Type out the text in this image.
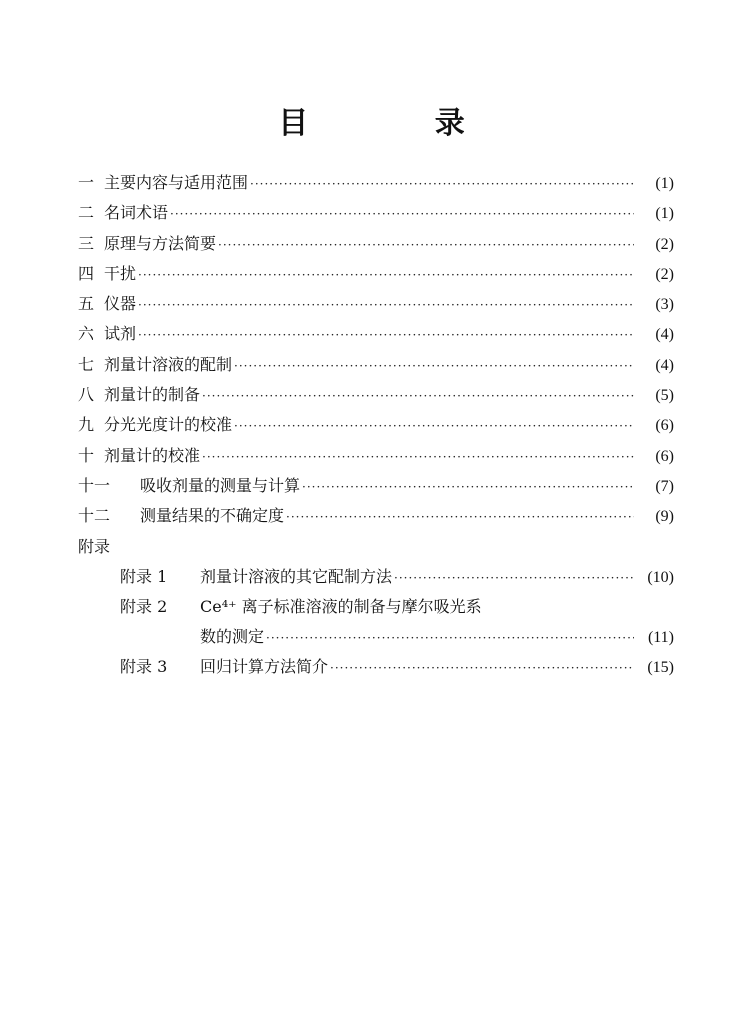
目 录
一 主要内容与适用范围 ·····	(1)
二 名词术语 ·····	(1)
三 原理与方法简要 ·····	(2)
四 干扰 ·····	(2)
五 仪器 ·····	(3)
六 试剂 ·····	(4)
七 剂量计溶液的配制 ·····	(4)
八 剂量计的制备 ·····	(5)
九 分光光度计的校准 ·····	(6)
十 剂量计的校准 ·····	(6)
十一	吸收剂量的测量与计算 ·····	(7)
十二	测量结果的不确定度 ·····	(9)
附录
附录 1	剂量计溶液的其它配制方法 ·····	(10)
附录 2	Ce⁴⁺ 离子标准溶液的制备与摩尔吸光系
数的测定 ·····	(11)
附录 3	回归计算方法简介 ·····	(15)
